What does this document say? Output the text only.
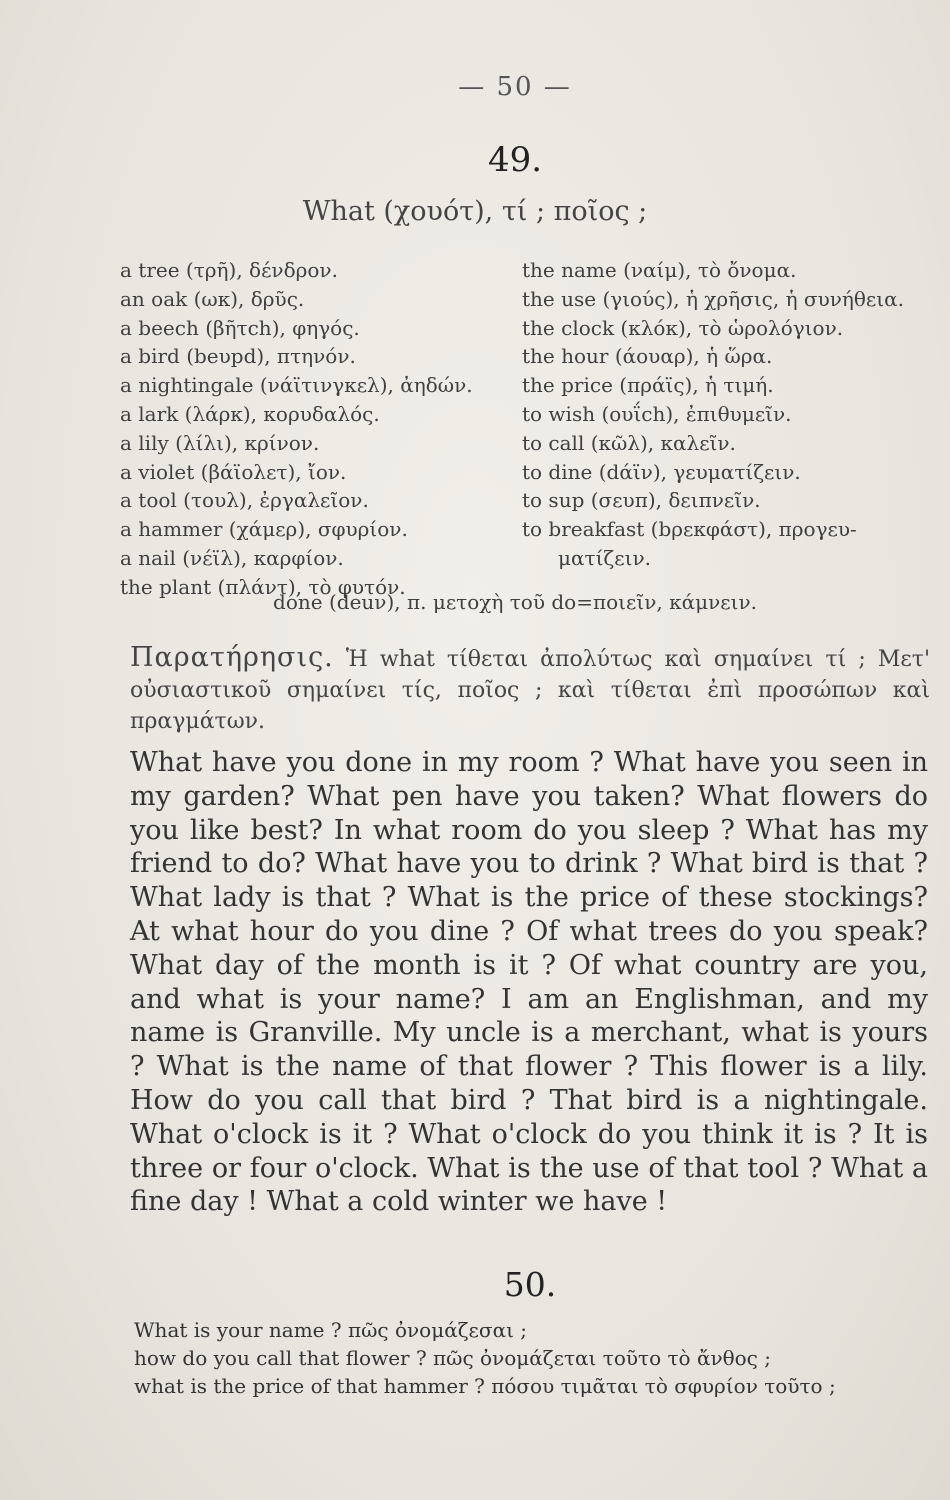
— 50 —
49.
What (χουότ), τί ; ποῖος ;
a tree (τρῆ), δένδρον.
an oak (ωκ), δρῦς.
a beech (βῆτch), φηγός.
a bird (beυpd), πτηνόν.
a nightingale (νάϊτινγκελ), ἀηδών.
a lark (λάρκ), κορυδαλός.
a lily (λίλι), κρίνον.
a violet (βάϊολετ), ἴον.
a tool (τουλ), ἐργαλεῖον.
a hammer (χάμερ), σφυρίον.
a nail (νέϊλ), καρφίον.
the plant (πλάντ), τὸ φυτόν.
the name (ναίμ), τὸ ὄνομα.
the use (γιούς), ἡ χρῆσις, ἡ συνήθεια.
the clock (κλόκ), τὸ ὡρολόγιον.
the hour (άουαρ), ἡ ὥρα.
the price (πράϊς), ἡ τιμή.
to wish (ουΐch), ἐπιθυμεῖν.
to call (κῶλ), καλεῖν.
to dine (dάϊν), γευματίζειν.
to sup (σευπ), δειπνεῖν.
to breakfast (bρεκφάστ), προγευ-
ματίζειν.
done (deuν), π. μετοχὴ τοῦ do=ποιεῖν, κάμνειν.
Παρατήρησις. Ἡ what τίθεται ἀπολύτως καὶ σημαίνει τί ; Μετ' οὐσιαστικοῦ σημαίνει τίς, ποῖος ; καὶ τίθεται ἐπὶ προσώπων καὶ πραγμάτων.
What have you done in my room ? What have you seen in my garden? What pen have you taken? What flowers do you like best? In what room do you sleep ? What has my friend to do? What have you to drink ? What bird is that ? What lady is that ? What is the price of these stockings? At what hour do you dine ? Of what trees do you speak? What day of the month is it ? Of what country are you, and what is your name? I am an Englishman, and my name is Granville. My uncle is a merchant, what is yours ? What is the name of that flower ? This flower is a lily. How do you call that bird ? That bird is a nightingale. What o'clock is it ? What o'clock do you think it is ? It is three or four o'clock. What is the use of that tool ? What a fine day ! What a cold winter we have !
50.
What is your name ? πῶς ὀνομάζεσαι ;
how do you call that flower ? πῶς ὀνομάζεται τοῦτο τὸ ἄνθος ;
what is the price of that hammer ? πόσου τιμᾶται τὸ σφυρίον τοῦτο ;
